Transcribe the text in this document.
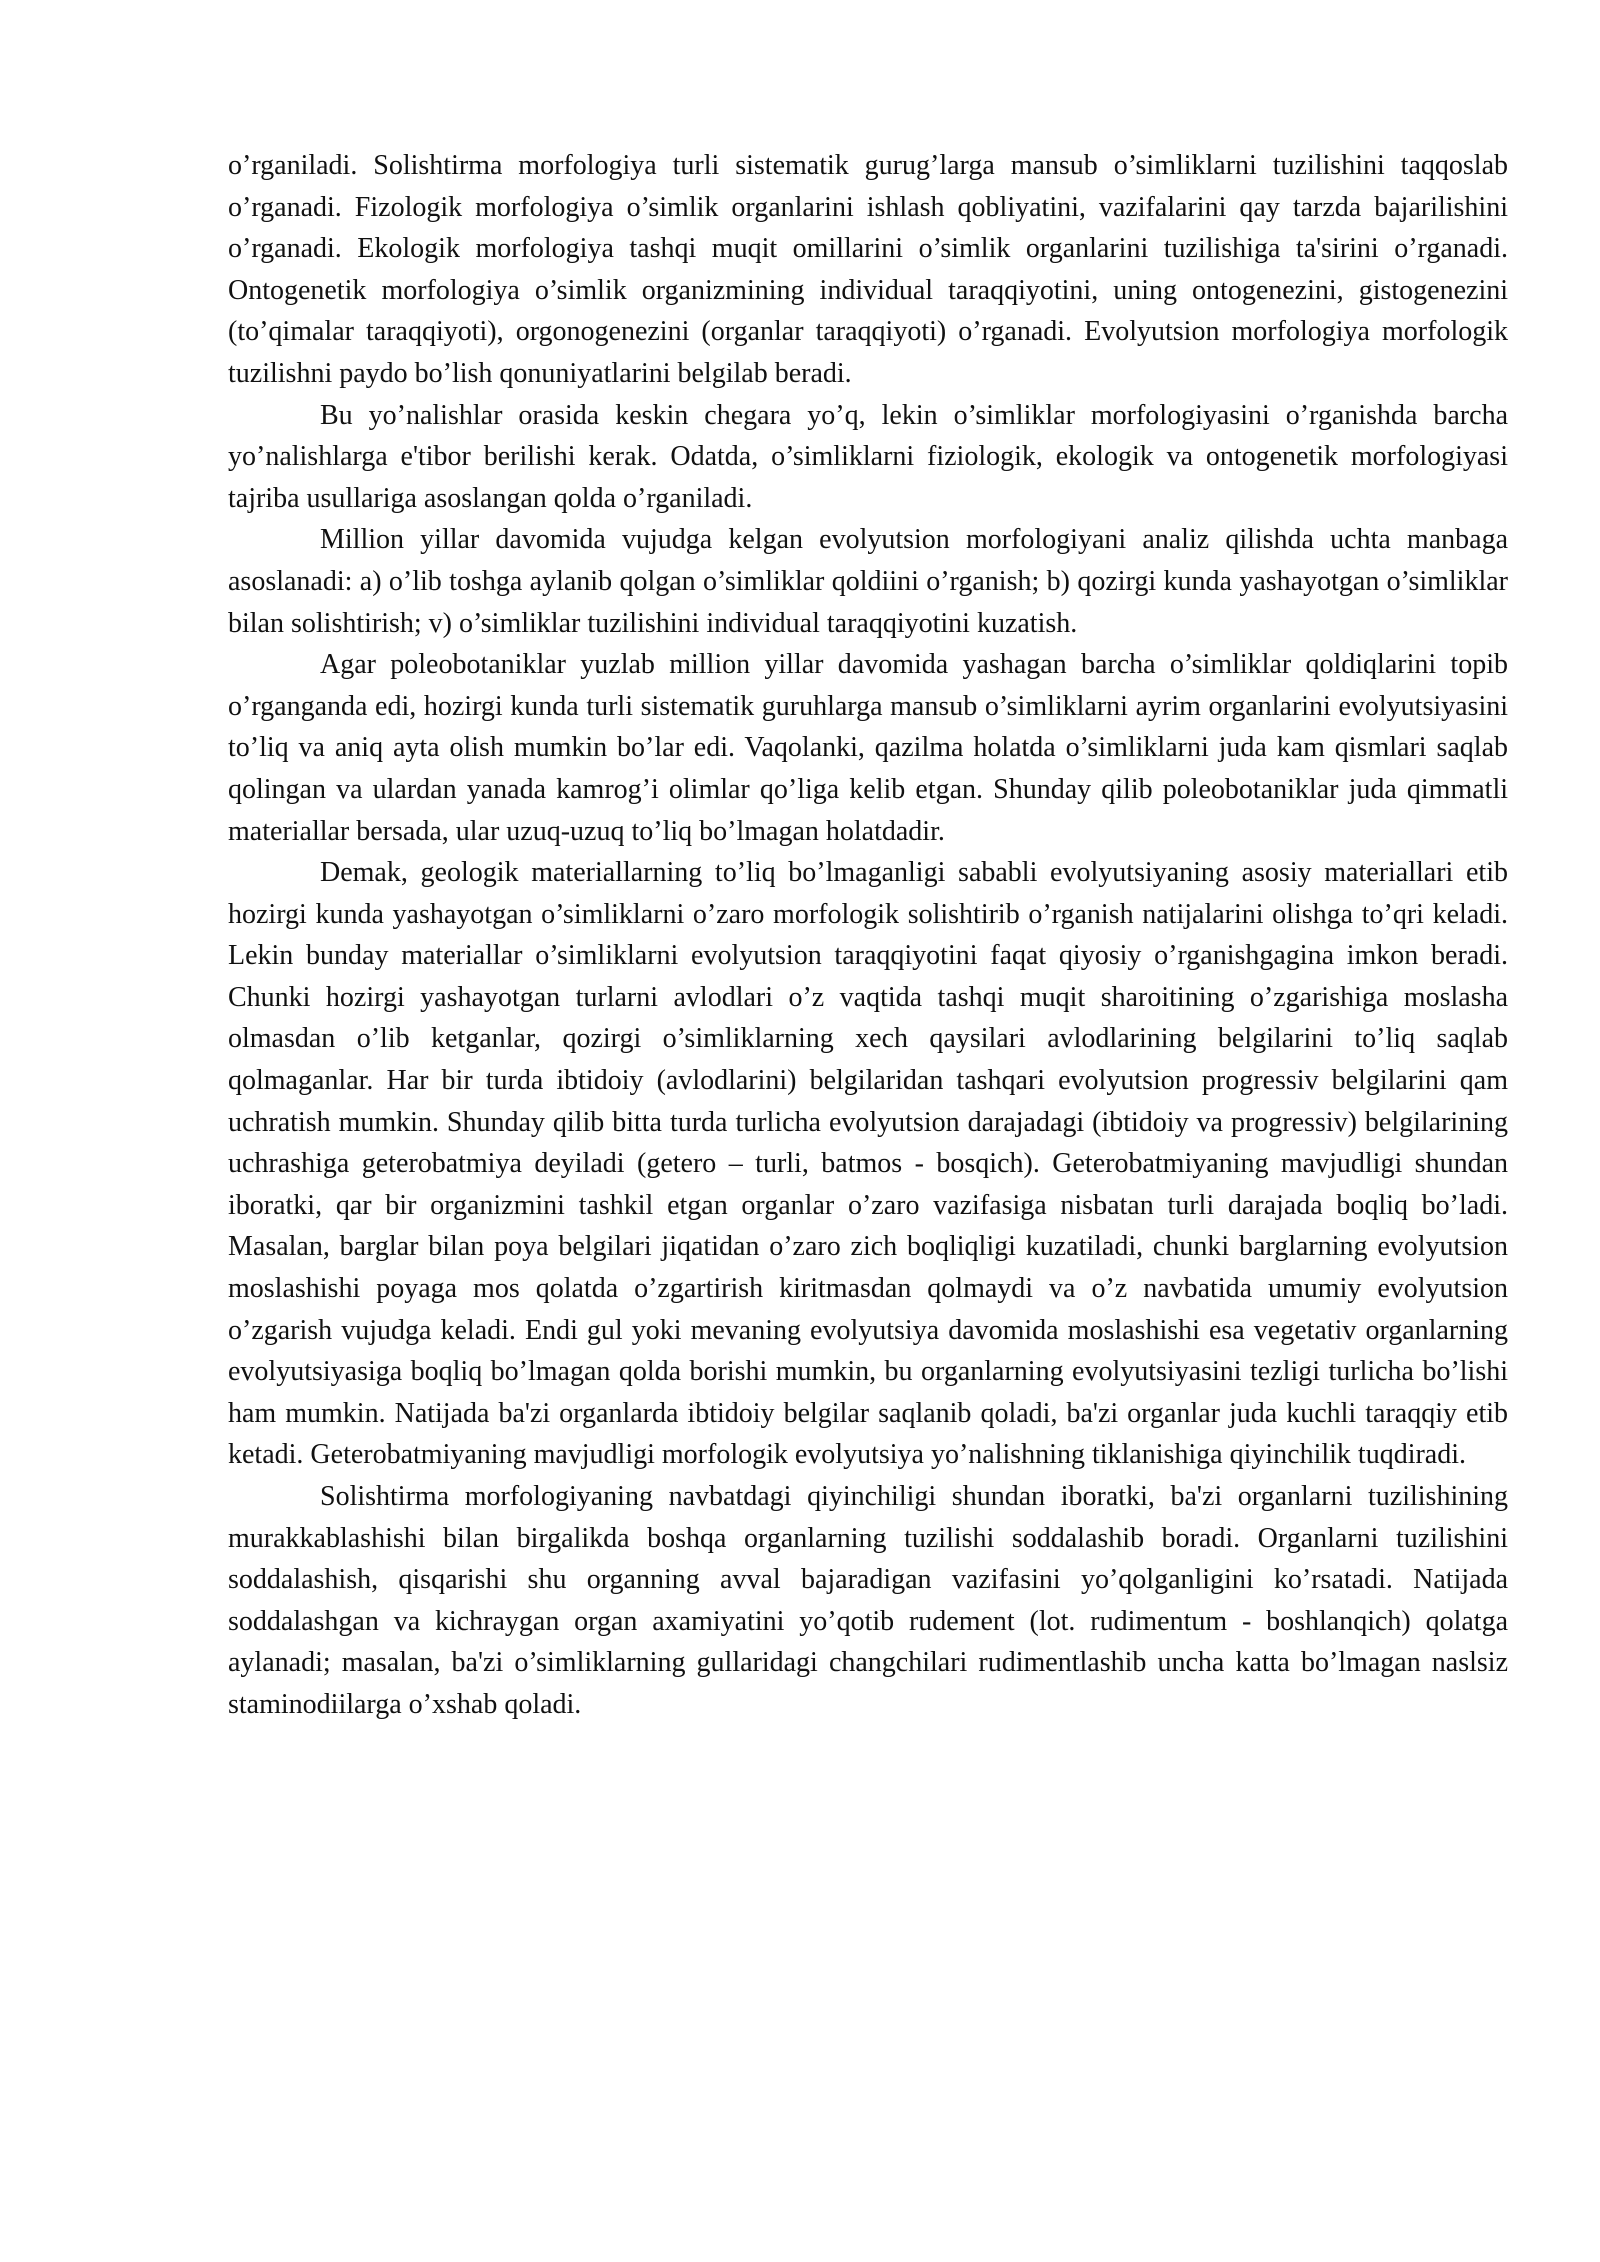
o’rganiladi. Solishtirma morfologiya turli sistematik gurug’larga mansub o’simliklarni tuzilishini taqqoslab o’rganadi. Fizologik morfologiya o’simlik organlarini ishlash qobliyatini, vazifalarini qay tarzda bajarilishini o’rganadi. Ekologik morfologiya tashqi muqit omillarini o’simlik organlarini tuzilishiga ta'sirini o’rganadi. Ontogenetik morfologiya o’simlik organizmining individual taraqqiyotini, uning ontogenezini, gistogenezini (to’qimalar taraqqiyoti), orgonogenezini (organlar taraqqiyoti) o’rganadi. Evolyutsion morfologiya morfologik tuzilishni paydo bo’lish qonuniyatlarini belgilab beradi.

Bu yo’nalishlar orasida keskin chegara yo’q, lekin o’simliklar morfologiyasini o’rganishda barcha yo’nalishlarga e'tibor berilishi kerak. Odatda, o’simliklarni fiziologik, ekologik va ontogenetik morfologiyasi tajriba usullariga asoslangan qolda o’rganiladi.

Million yillar davomida vujudga kelgan evolyutsion morfologiyani analiz qilishda uchta manbaga asoslanadi: a) o’lib toshga aylanib qolgan o’simliklar qoldiini o’rganish; b) qozirgi kunda yashayotgan o’simliklar bilan solishtirish; v) o’simliklar tuzilishini individual taraqqiyotini kuzatish.

Agar poleobotaniklar yuzlab million yillar davomida yashagan barcha o’simliklar qoldiqlarini topib o’rganganda edi, hozirgi kunda turli sistematik guruhlarga mansub o’simliklarni ayrim organlarini evolyutsiyasini to’liq va aniq ayta olish mumkin bo’lar edi. Vaqolanki, qazilma holatda o’simliklarni juda kam qismlari saqlab qolingan va ulardan yanada kamrog’i olimlar qo’liga kelib etgan. Shunday qilib poleobotaniklar juda qimmatli materiallar bersada, ular uzuq-uzuq to’liq bo’lmagan holatdadir.

Demak, geologik materiallarning to’liq bo’lmaganligi sababli evolyutsiyaning asosiy materiallari etib hozirgi kunda yashayotgan o’simliklarni o’zaro morfologik solishtirib o’rganish natijalarini olishga to’qri keladi. Lekin bunday materiallar o’simliklarni evolyutsion taraqqiyotini faqat qiyosiy o’rganishgagina imkon beradi. Chunki hozirgi yashayotgan turlarni avlodlari o’z vaqtida tashqi muqit sharoitining o’zgarishiga moslasha olmasdan o’lib ketganlar, qozirgi o’simliklarning xech qaysilari avlodlarining belgilarini to’liq saqlab qolmaganlar. Har bir turda ibtidoiy (avlodlarini) belgilaridan tashqari evolyutsion progressiv belgilarini qam uchratish mumkin. Shunday qilib bitta turda turlicha evolyutsion darajadagi (ibtidoiy va progressiv) belgilarining uchrashiga geterobatmiya deyiladi (getero – turli, batmos - bosqich). Geterobatmiyaning mavjudligi shundan iboratki, qar bir organizmini tashkil etgan organlar o’zaro vazifasiga nisbatan turli darajada boqliq bo’ladi. Masalan, barglar bilan poya belgilari jiqatidan o’zaro zich boqliqligi kuzatiladi, chunki barglarning evolyutsion moslashishi poyaga mos qolatda o’zgartirish kiritmasdan qolmaydi va o’z navbatida umumiy evolyutsion o’zgarish vujudga keladi. Endi gul yoki mevaning evolyutsiya davomida moslashishi esa vegetativ organlarning evolyutsiyasiga boqliq bo’lmagan qolda borishi mumkin, bu organlarning evolyutsiyasini tezligi turlicha bo’lishi ham mumkin. Natijada ba'zi organlarda ibtidoiy belgilar saqlanib qoladi, ba'zi organlar juda kuchli taraqqiy etib ketadi. Geterobatmiyaning mavjudligi morfologik evolyutsiya yo’nalishning tiklanishiga qiyinchilik tuqdiradi.

Solishtirma morfologiyaning navbatdagi qiyinchiligi shundan iboratki, ba'zi organlarni tuzilishining murakkablashishi bilan birgalikda boshqa organlarning tuzilishi soddalashib boradi. Organlarni tuzilishini soddalashish, qisqarishi shu organning avval bajaradigan vazifasini yo’qolganligini ko’rsatadi. Natijada soddalashgan va kichraygan organ axamiyatini yo’qotib rudement (lot. rudimentum - boshlanqich) qolatga aylanadi; masalan, ba'zi o’simliklarning gullaridagi changchilari rudimentlashib uncha katta bo’lmagan naslsiz staminodiilarga o’xshab qoladi.
